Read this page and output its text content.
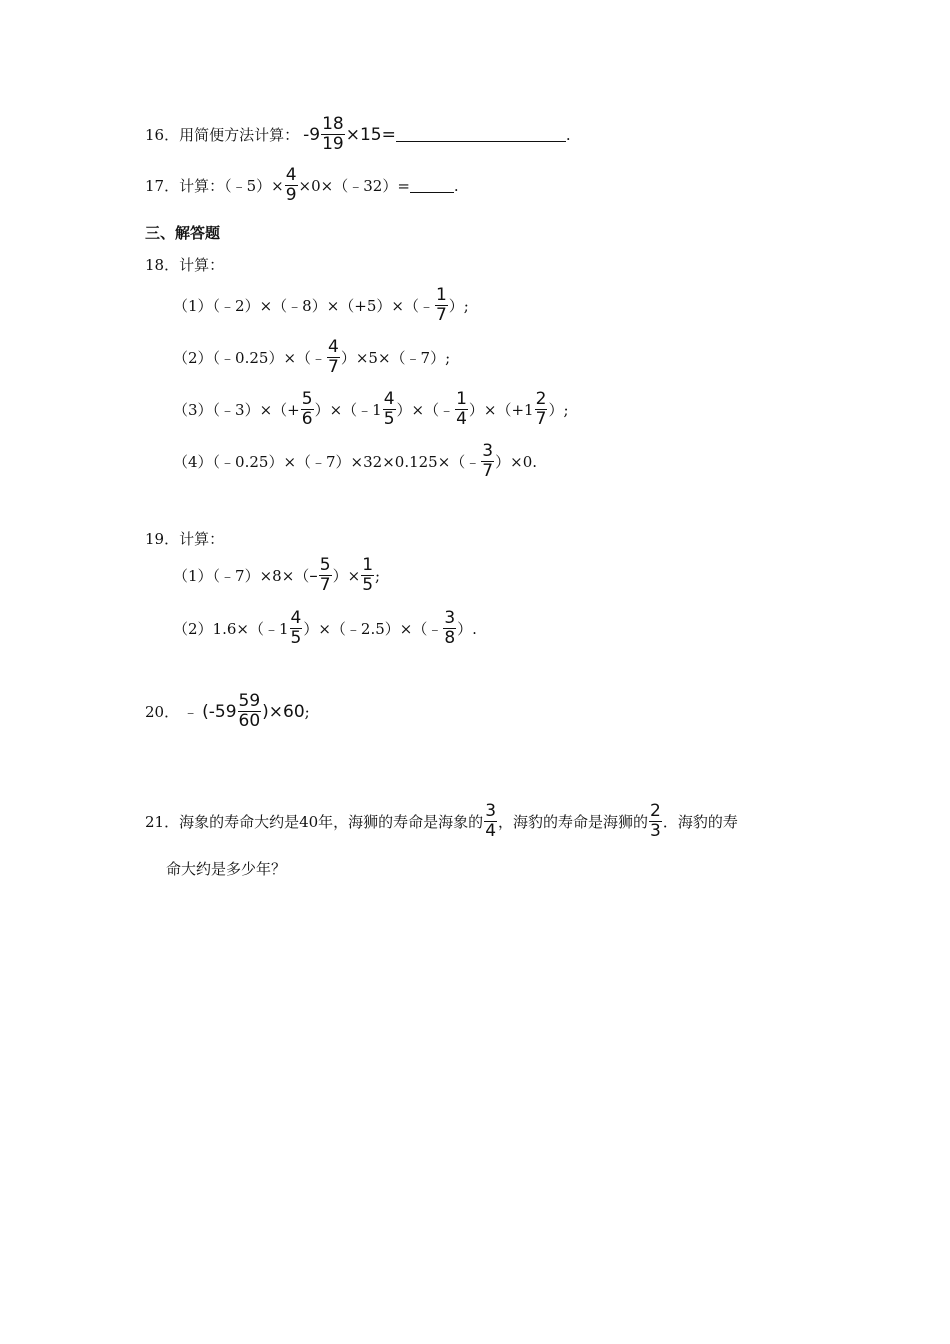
16． 用简便方法计算： $-9 \frac{18}{19} \times 15=$	.
17． 计算：（﹣5）× $\frac{4}{9}$ ×0×（﹣32）=	.
三、解答题
18． 计算：
（1）（﹣2）×（﹣8）×（+5）×（﹣ $\frac{1}{7}$ ）;
（2）（﹣0.25）×（﹣ $\frac{4}{7}$ ）×5×（﹣7）;
（3）（﹣3）×（+ $\frac{5}{6}$ ）×（﹣1 $\frac{4}{5}$ ）×（﹣ $\frac{1}{4} )\times(+1 \frac{2}{7}$ ）;
（4）（﹣0.25）×（﹣7）×32×0.125×（﹣ $\frac{3}{7} )\times 0$.
19． 计算：
（1）（﹣7）×8×（ – $\frac{5}{7}$ ）× $\frac{1}{5}$ ;
（2）1.6×（﹣1 $\frac{4}{5}$ ）×（﹣2.5）×（﹣ $\frac{3}{8}$ ）.
20． ﹣ $(-59 \frac{59}{60} )\times 60$ ;
21． 海象的寿命大约是40年，海狮的寿命是海象的 $\frac{3}{4}$ ，海豹的寿命是海狮的 $\frac{2}{3}$ ．海豹的寿
命大约是多少年？
